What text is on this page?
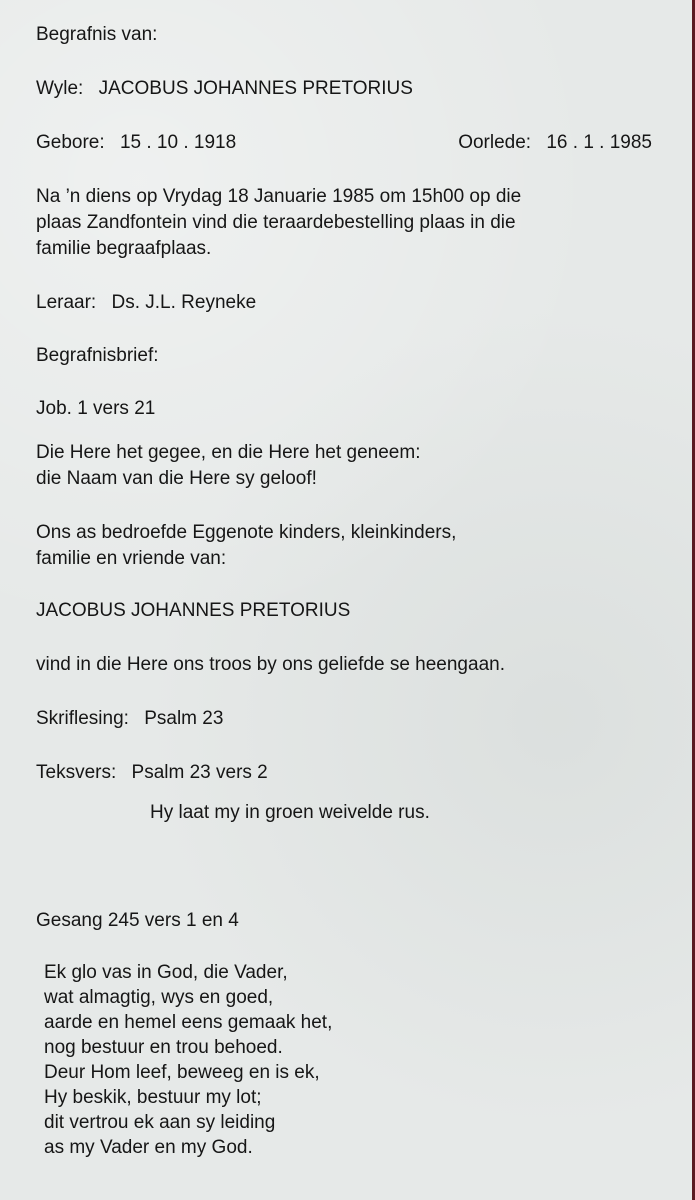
Begrafnis van:
Wyle: JACOBUS JOHANNES PRETORIUS
Gebore: 15 . 10 . 1918	Oorlede: 16 . 1 . 1985
Na ’n diens op Vrydag 18 Januarie 1985 om 15h00 op die
plaas Zandfontein vind die teraardebestelling plaas in die
familie begraafplaas.
Leraar: Ds. J.L. Reyneke
Begrafnisbrief:
Job. 1 vers 21
Die Here het gegee, en die Here het geneem:
die Naam van die Here sy geloof!
Ons as bedroefde Eggenote kinders, kleinkinders,
familie en vriende van:
JACOBUS JOHANNES PRETORIUS
vind in die Here ons troos by ons geliefde se heengaan.
Skriflesing: Psalm 23
Teksvers: Psalm 23 vers 2
Hy laat my in groen weivelde rus.
Gesang 245 vers 1 en 4
Ek glo vas in God, die Vader,
wat almagtig, wys en goed,
aarde en hemel eens gemaak het,
nog bestuur en trou behoed.
Deur Hom leef, beweeg en is ek,
Hy beskik, bestuur my lot;
dit vertrou ek aan sy leiding
as my Vader en my God.
